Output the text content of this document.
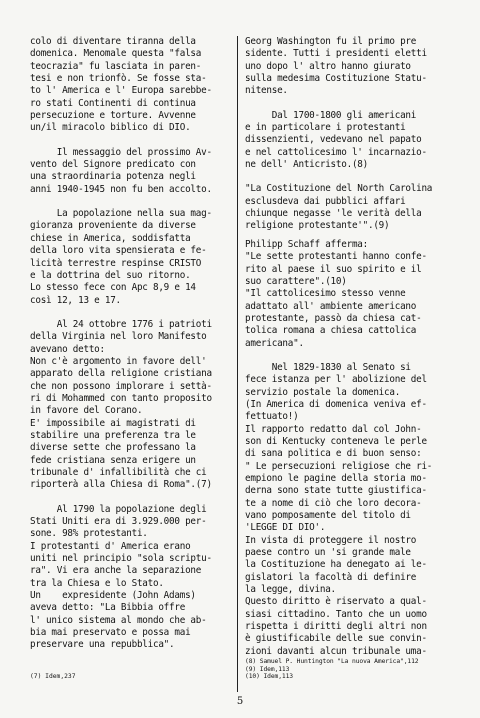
colo di diventare tiranna della
domenica. Menomale questa "falsa
teocrazia" fu lasciata in paren-
tesi e non trionfò. Se fosse sta-
to l' America e l' Europa sarebbe-
ro stati Continenti di continua
persecuzione e torture. Avvenne
un/il miracolo biblico di DIO.
Il messaggio del prossimo Av-
vento del Signore predicato con
una straordinaria potenza negli
anni 1940-1945 non fu ben accolto.
La popolazione nella sua mag-
gioranza proveniente da diverse
chiese in America, soddisfatta
della loro vita spensierata e fe-
licità terrestre respinse CRISTO
e la dottrina del suo ritorno.
Lo stesso fece con Apc 8,9 e 14
così 12, 13 e 17.
Al 24 ottobre 1776 i patrioti
della Virginia nel loro Manifesto
avevano detto:
Non c'è argomento in favore dell'
apparato della religione cristiana
che non possono implorare i settà-
ri di Mohammed con tanto proposito
in favore del Corano.
E' impossibile ai magistrati di
stabilire una preferenza tra le
diverse sette che professano la
fede cristiana senza erigere un
tribunale d' infallibilità che ci
riporterà alla Chiesa di Roma".(7)
Al 1790 la popolazione degli
Stati Uniti era di 3.929.000 per-
sone. 98% protestanti.
I protestanti d' America erano
uniti nel principio "sola scriptu-
ra". Vi era anche la separazione
tra la Chiesa e lo Stato.
Un    expresidente (John Adams)
aveva detto: "La Bibbia offre
l' unico sistema al mondo che ab-
bia mai preservato e possa mai
preservare una repubblica".
Georg Washington fu il primo pre
sidente. Tutti i presidenti eletti
uno dopo l' altro hanno giurato
sulla medesima Costituzione Statu-
nitense.
Dal 1700-1800 gli americani
e in particolare i protestanti
dissenzienti, vedevano nel papato
e nel cattolicesimo l' incarnazio-
ne dell' Anticristo.(8)
"La Costituzione del North Carolina
esclusdeva dai pubblici affari
chiunque negasse 'le verità della
religione protestante'".(9)
Philipp Schaff afferma:
"Le sette protestanti hanno confe-
rito al paese il suo spirito e il
suo carattere".(10)
"Il cattolicesimo stesso venne
adattato all' ambiente americano
protestante, passò da chiesa cat-
tolica romana a chiesa cattolica
americana".
Nel 1829-1830 al Senato si
fece istanza per l' abolizione del
servizio postale la domenica.
(In America di domenica veniva ef-
fettuato!)
Il rapporto redatto dal col John-
son di Kentucky conteneva le perle
di sana politica e di buon senso:
" Le persecuzioni religiose che ri-
empiono le pagine della storia mo-
derna sono state tutte giustifica-
te a nome di ciò che loro decora-
vano pomposamente del titolo di
'LEGGE DI DIO'.
In vista di proteggere il nostro
paese contro un 'si grande male
la Costituzione ha denegato ai le-
gislatori la facoltà di definire
la legge, divina.
Questo diritto è riservato a qual-
siasi cittadino. Tanto che un uomo
rispetta i diritti degli altri non
è giustificabile delle sue convin-
zioni davanti alcun tribunale uma-
(8) Samuel P. Huntington "La nuova America",112
(9) Idem,113
(10) Idem,113
(7) Idem,237
5
